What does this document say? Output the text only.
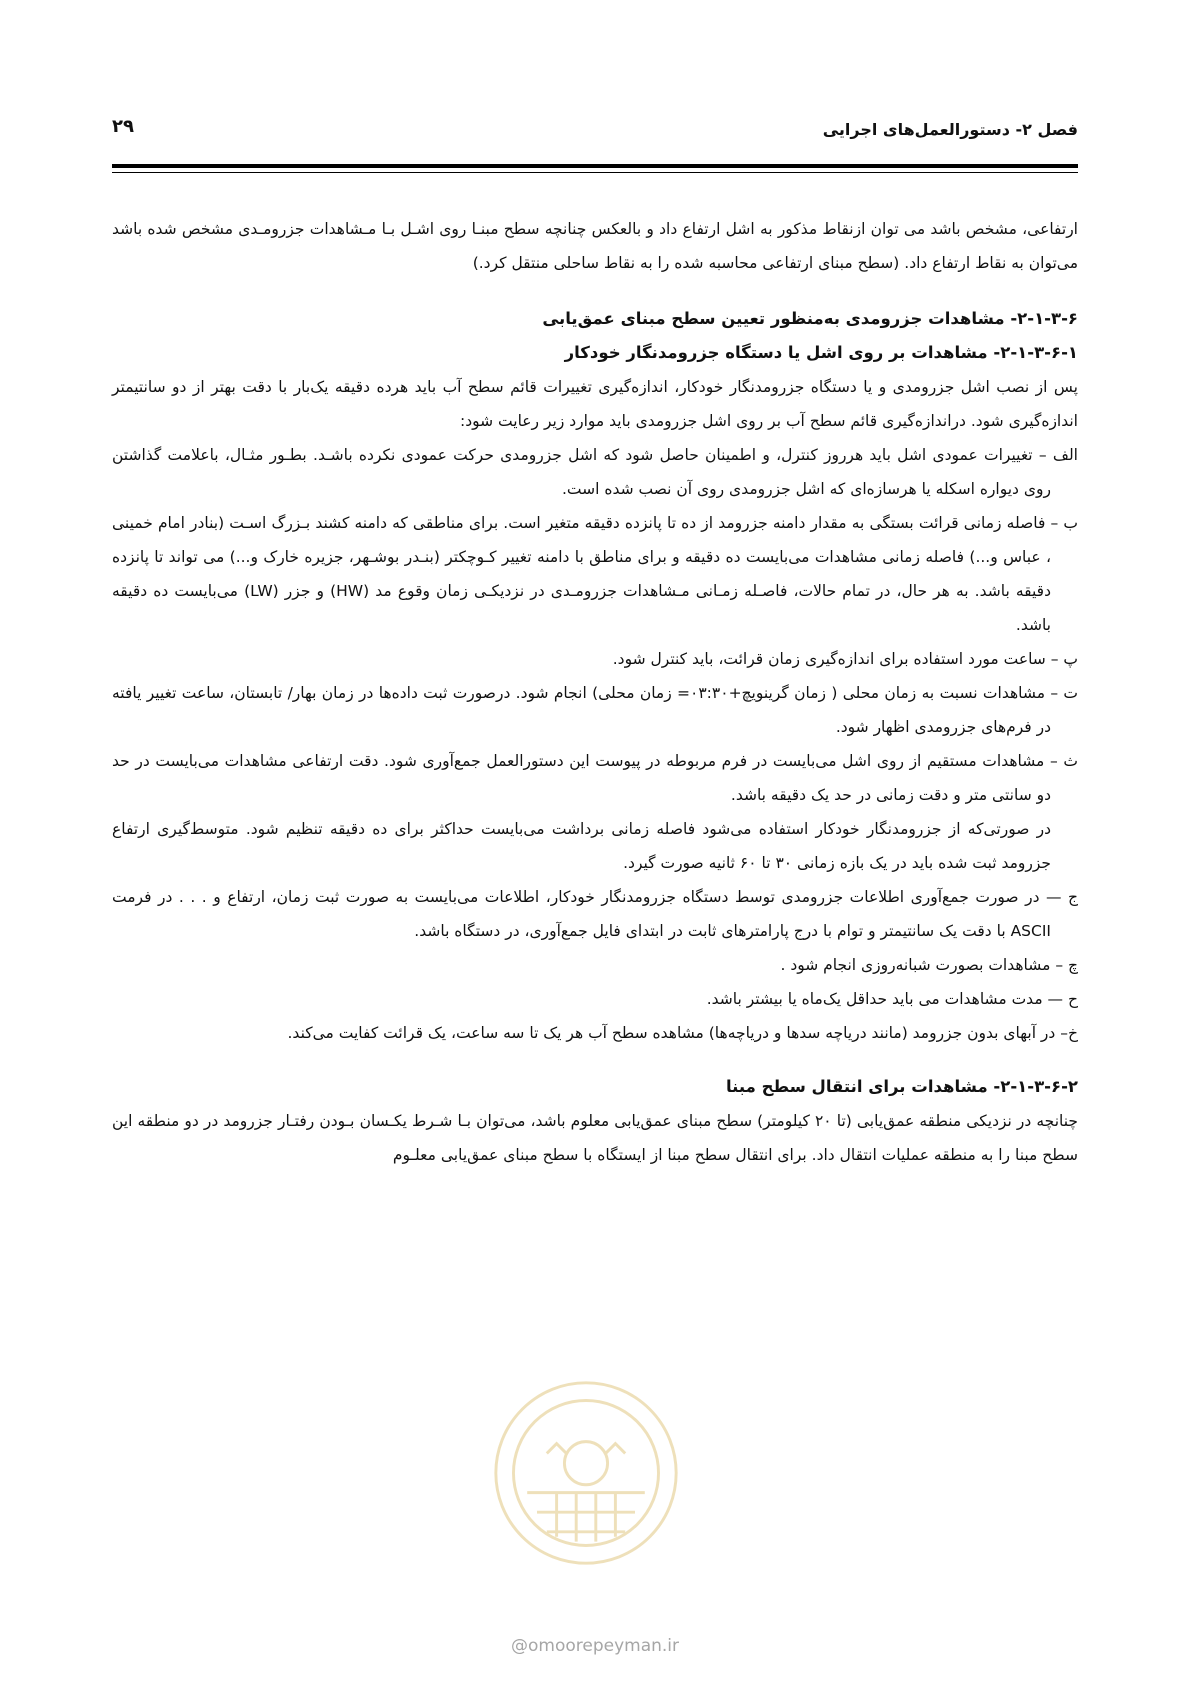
فصل ۲- دستورالعمل‌های اجرایی
۲۹

ارتفاعی، مشخص باشد می توان ازنقاط مذکور به اشل ارتفاع داد و بالعکس چنانچه سطح مبنـا روی اشـل بـا مـشاهدات جزرومـدی مشخص شده باشد می‌توان به نقاط ارتفاع داد. (سطح مبنای ارتفاعی محاسبه شده را به نقاط ساحلی منتقل کرد.)

۲-۱-۳-۶- مشاهدات جزرومدی به‌منظور تعیین سطح مبنای عمق‌یابی

۲-۱-۳-۶-۱- مشاهدات بر روی اشل یا دستگاه جزرومدنگار خودکار

پس از نصب اشل جزرومدی و یا دستگاه جزرومدنگار خودکار، اندازه‌گیری تغییرات قائم سطح آب باید هرده دقیقه یک‌بار با دقت بهتر از دو سانتیمتر اندازه‌گیری شود. دراندازه‌گیری قائم سطح آب بر روی اشل جزرومدی باید موارد زیر رعایت شود:

الف – تغییرات عمودی اشل باید هرروز کنترل، و اطمینان حاصل شود که اشل جزرومدی حرکت عمودی نکرده باشـد. بطـور مثـال، باعلامت گذاشتن روی دیواره اسکله یا هرسازه‌ای که اشل جزرومدی روی آن نصب شده است.

ب – فاصله زمانی قرائت بستگی به مقدار دامنه جزرومد از ده تا پانزده دقیقه متغیر است. برای مناطقی که دامنه کشند بـزرگ اسـت (بنادر امام خمینی ، عباس و...) فاصله زمانی مشاهدات می‌بایست ده دقیقه و برای مناطق با دامنه تغییر کـوچکتر (بنـدر بوشـهر، جزیره خارک و...) می تواند تا پانزده دقیقه باشد. به هر حال، در تمام حالات، فاصـله زمـانی مـشاهدات جزرومـدی در نزدیکـی زمان وقوع مد (HW) و جزر (LW) می‌بایست ده دقیقه باشد.

پ – ساعت مورد استفاده برای اندازه‌گیری زمان قرائت، باید کنترل شود.

ت – مشاهدات نسبت به زمان محلی ( زمان گرینویچ+۰۳:۳۰= زمان محلی) انجام شود. درصورت ثبت داده‌ها در زمان بهار/ تابستان، ساعت تغییر یافته در فرم‌های جزرومدی اظهار شود.

ث – مشاهدات مستقیم از روی اشل می‌بایست در فرم مربوطه در پیوست این دستورالعمل جمع‌آوری شود. دقت ارتفاعی مشاهدات می‌بایست در حد دو سانتی متر و دقت زمانی در حد یک دقیقه باشد.

در صورتی‌که از جزرومدنگار خودکار استفاده می‌شود فاصله زمانی برداشت می‌بایست حداکثر برای ده دقیقه تنظیم شود. متوسط‌گیری ارتفاع جزرومد ثبت شده باید در یک بازه زمانی ۳۰ تا ۶۰ ثانیه صورت گیرد.

ج — در صورت جمع‌آوری اطلاعات جزرومدی توسط دستگاه جزرومدنگار خودکار، اطلاعات می‌بایست به صورت ثبت زمان، ارتفاع و . . . در فرمت ASCII با دقت یک سانتیمتر و توام با درج پارامترهای ثابت در ابتدای فایل جمع‌آوری، در دستگاه باشد.

چ – مشاهدات بصورت شبانه‌روزی انجام شود .

ح — مدت مشاهدات می باید حداقل یک‌ماه یا بیشتر باشد.

خ– در آبهای بدون جزرومد (مانند دریاچه سدها و دریاچه‌ها) مشاهده سطح آب هر یک تا سه ساعت، یک قرائت کفایت می‌کند.

۲-۱-۳-۶-۲- مشاهدات برای انتقال سطح مبنا

چنانچه در نزدیکی منطقه عمق‌یابی (تا ۲۰ کیلومتر) سطح مبنای عمق‌یابی معلوم باشد، می‌توان بـا شـرط یکـسان بـودن رفتـار جزرومد در دو منطقه این سطح مبنا را به منطقه عملیات انتقال داد. برای انتقال سطح مبنا از ایستگاه با سطح مبنای عمق‌یابی معلـوم

@omoorepeyman.ir
